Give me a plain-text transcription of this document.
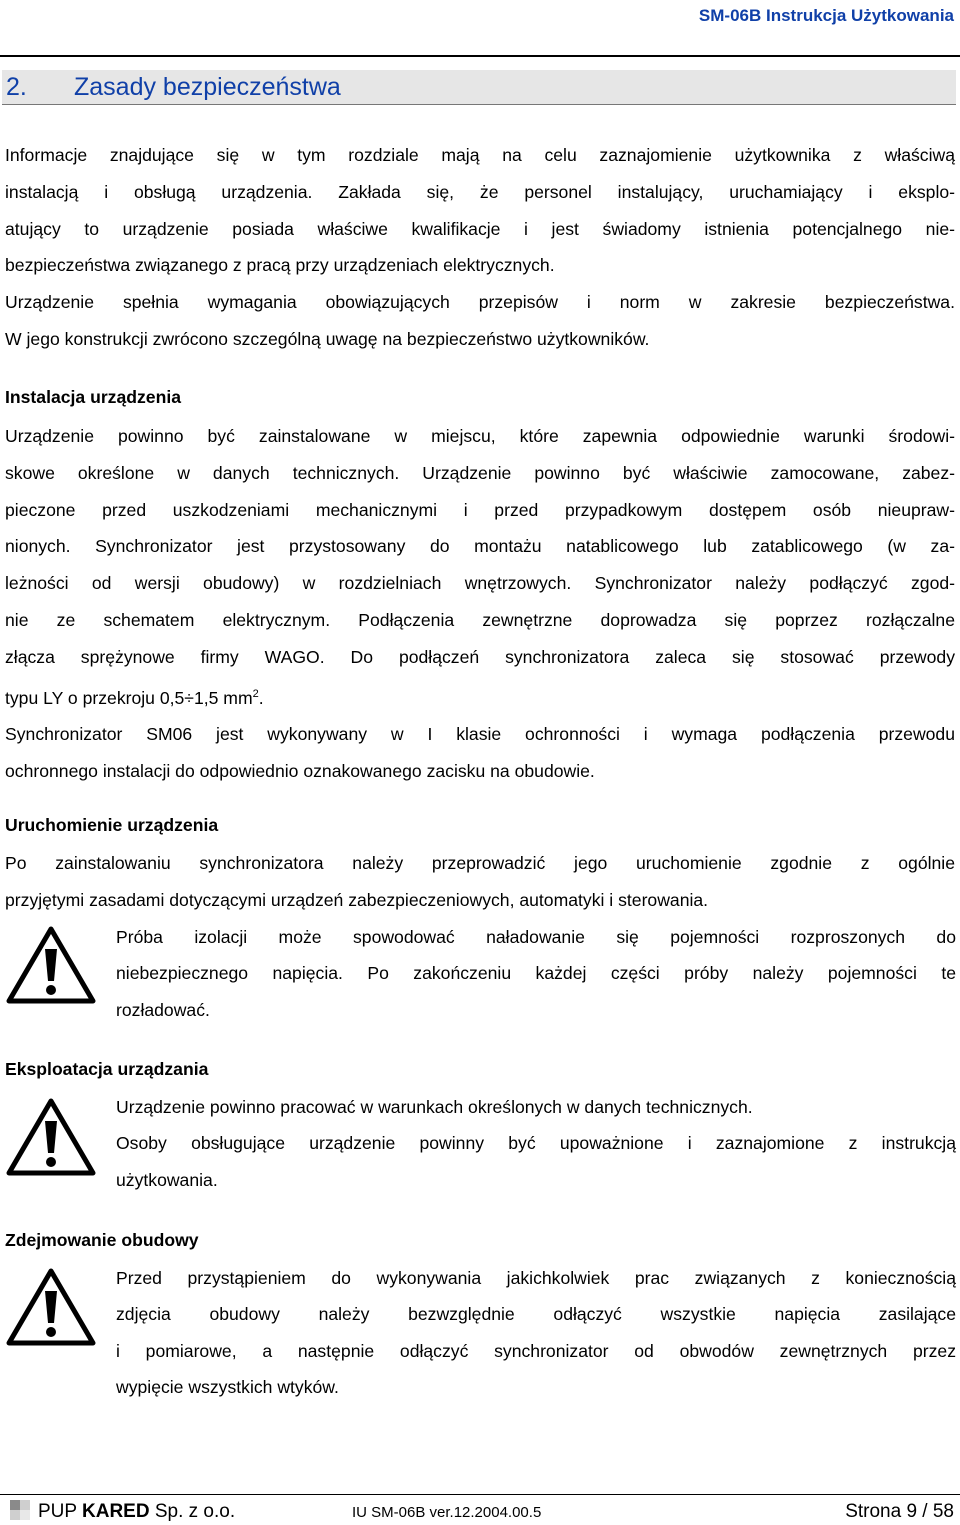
SM-06B Instrukcja Użytkowania
2. Zasady bezpieczeństwa
Informacje znajdujące się w tym rozdziale mają na celu zaznajomienie użytkownika z właściwą
instalacją i obsługą urządzenia. Zakłada się, że personel instalujący, uruchamiający i eksplo-
atujący to urządzenie posiada właściwe kwalifikacje i jest świadomy istnienia potencjalnego nie-
bezpieczeństwa związanego z pracą przy urządzeniach elektrycznych.
Urządzenie spełnia wymagania obowiązujących przepisów i norm w zakresie bezpieczeństwa.
W jego konstrukcji zwrócono szczególną uwagę na bezpieczeństwo użytkowników.
Instalacja urządzenia
Urządzenie powinno być zainstalowane w miejscu, które zapewnia odpowiednie warunki środowi-
skowe określone w danych technicznych. Urządzenie powinno być właściwie zamocowane, zabez-
pieczone przed uszkodzeniami mechanicznymi i przed przypadkowym dostępem osób nieupraw-
nionych. Synchronizator jest przystosowany do montażu natablicowego lub zatablicowego (w za-
leżności od wersji obudowy) w rozdzielniach wnętrzowych. Synchronizator należy podłączyć zgod-
nie ze schematem elektrycznym. Podłączenia zewnętrzne doprowadza się poprzez rozłączalne
złącza sprężynowe firmy WAGO. Do podłączeń synchronizatora zaleca się stosować przewody
typu LY o przekroju 0,5÷1,5 $mm^2$.
Synchronizator SM06 jest wykonywany w I klasie ochronności i wymaga podłączenia przewodu
ochronnego instalacji do odpowiednio oznakowanego zacisku na obudowie.
Uruchomienie urządzenia
Po zainstalowaniu synchronizatora należy przeprowadzić jego uruchomienie zgodnie z ogólnie
przyjętymi zasadami dotyczącymi urządzeń zabezpieczeniowych, automatyki i sterowania.
Próba izolacji może spowodować naładowanie się pojemności rozproszonych do
niebezpiecznego napięcia. Po zakończeniu każdej części próby należy pojemności te
rozładować.
Eksploatacja urządzania
Urządzenie powinno pracować w warunkach określonych w danych technicznych.
Osoby obsługujące urządzenie powinny być upoważnione i zaznajomione z instrukcją
użytkowania.
Zdejmowanie obudowy
Przed przystąpieniem do wykonywania jakichkolwiek prac związanych z koniecznością
zdjęcia obudowy należy bezwzględnie odłączyć wszystkie napięcia zasilające
i pomiarowe, a następnie odłączyć synchronizator od obwodów zewnętrznych przez
wypięcie wszystkich wtyków.
PUP KARED Sp. z o.o.	IU SM-06B ver.12.2004.00.5	Strona 9 / 58
